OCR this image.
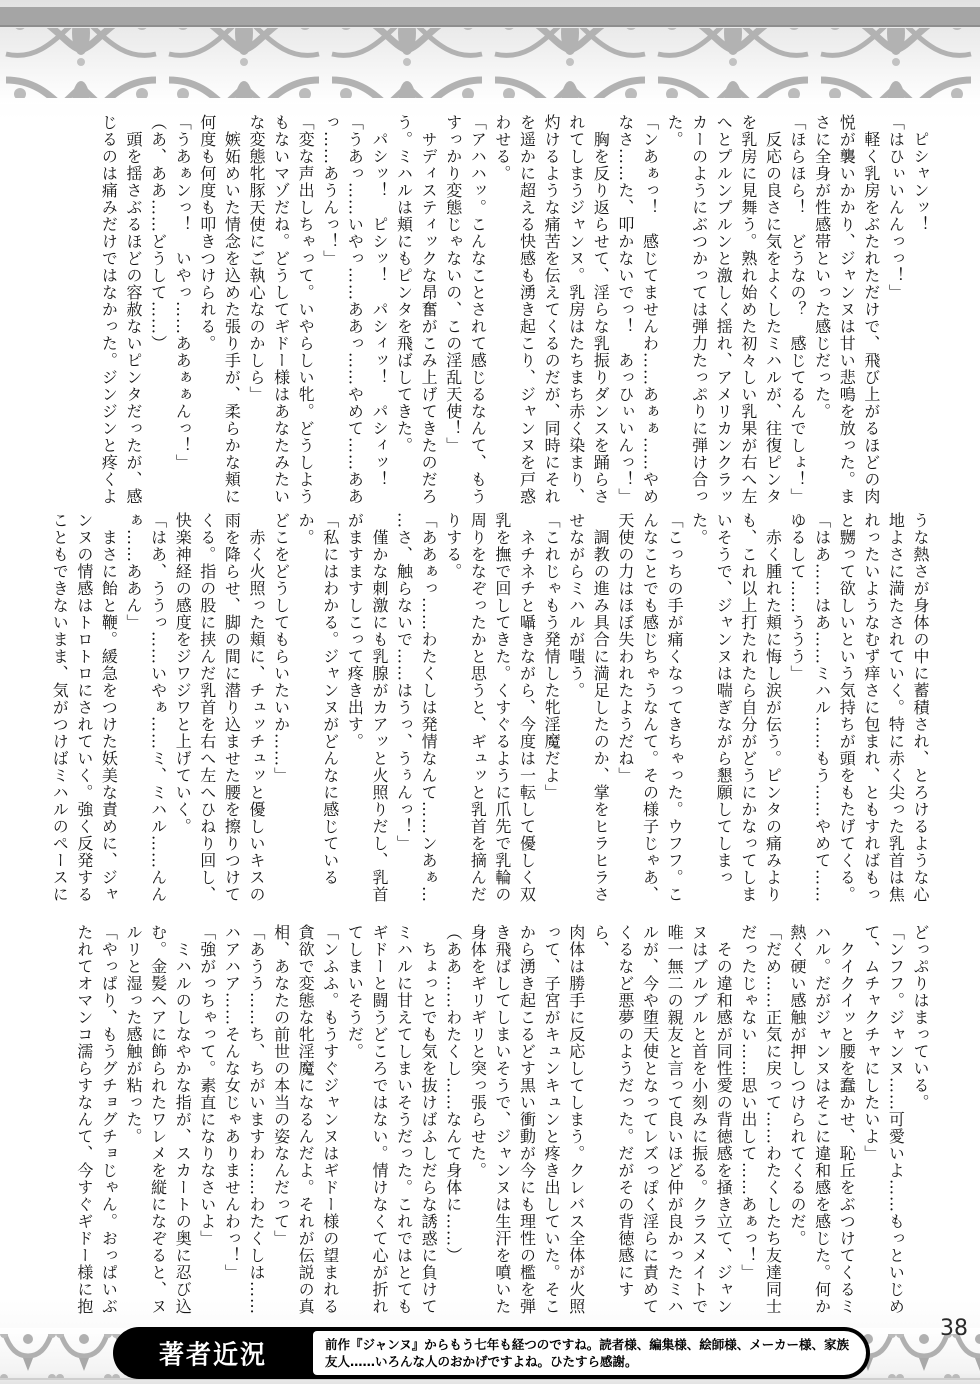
ピシャンッ！

「はひぃいんんっっ！」

軽く乳房をぶたれただけで、飛び上がるほどの肉

悦が襲いかかり、ジャンヌは甘い悲鳴を放った。ま

さに全身が性感帯といった感じだった。

「ほらほら！　どうなの？　感じてるんでしょ！」

反応の良さに気をよくしたミハルが、往復ピンタ

を乳房に見舞う。熟れ始めた初々しい乳果が右へ左

へとプルンプルンと激しく揺れ、アメリカンクラッ

カーのようにぶつかっては弾力たっぷりに弾け合っ

た。

「ンあぁっ！　感じてませんわ……あぁぁ……やめ

なさ……た、叩かないでっ！　あっひぃいんっ！」

胸を反り返らせて、淫らな乳振りダンスを踊らさ

れてしまうジャンヌ。乳房はたちまち赤く染まり、

灼けるような痛苦を伝えてくるのだが、同時にそれ

を遥かに超える快感も湧き起こり、ジャンヌを戸惑

わせる。

「アハハッ。こんなことされて感じるなんて、もう

すっかり変態じゃないの、この淫乱天使！」

サディスティックな昂奮がこみ上げてきたのだろ

う。ミハルは頬にもピンタを飛ばしてきた。

パシッ！　ピシッ！　パシィッ！　パシィッ！

「うあっ……いやっ……ああっ……やめて……ああ

っ……あうんっ！」

「変な声出しちゃって。いやらしい牝。どうしよう

もないマゾだね。どうしてギドー様はあなたみたい

な変態牝豚天使にご執心なのかしら」

嫉妬めいた情念を込めた張り手が、柔らかな頬に

何度も何度も叩きつけられる。

「うあぁンっ！　いやっ……ああぁぁんっ！」

（あ、ああ……どうして……）

頭を揺さぶるほどの容赦ないピンタだったが、感

じるのは痛みだけではなかった。ジンジンと疼くよ

うな熱さが身体の中に蓄積され、とろけるような心

地よさに満たされていく。特に赤く尖った乳首は焦

れったいようなむず痒さに包まれ、ともすればもっ

と嬲って欲しいという気持ちが頭をもたげてくる。

「はあ……はあ……ミハル……もう……やめて……

ゆるして……ううう」

赤く腫れた頬に悔し涙が伝う。ピンタの痛みより

も、これ以上打たれたら自分がどうにかなってしま

いそうで、ジャンヌは喘ぎながら懇願してしまった。

「こっちの手が痛くなってきちゃった。ウフフ。こ

んなことでも感じちゃうなんて。その様子じゃあ、

天使の力はほぼ失われたようだね」

調教の進み具合に満足したのか、掌をヒラヒラさ

せながらミハルが嗤う。

「これじゃもう発情した牝淫魔だよ」

ネチネチと囁きながら、今度は一転して優しく双

乳を撫で回してきた。くすぐるように爪先で乳輪の

周りをなぞったかと思うと、ギュッと乳首を摘んだ

りする。

「ああぁっ……わたくしは発情なんて……ンあぁ…

…さ、触らないで……はうっ、うぅんっ！」

僅かな刺激にも乳腺がカアッと火照りだし、乳首

がますますしこって疼き出す。

「私にはわかる。ジャンヌがどんなに感じているか。

どこをどうしてもらいたいか……」

赤く火照った頬に、チュッチュッと優しいキスの

雨を降らせ、脚の間に潜り込ませた腰を擦りつけて

くる。指の股に挟んだ乳首を右へ左へひねり回し、

快楽神経の感度をジワジワと上げていく。

「はあ、ううっ……いやぁ……ミ、ミハル……んん

ぁ……ああん」

まさに飴と鞭。緩急をつけた妖美な責めに、ジャ

ンヌの情感はトロトロにされていく。強く反発する

こともできないまま、気がつけばミハルのペースに

どっぷりはまっている。

「ンフフ。ジャンヌ……可愛いよ……もっといじめ

て、ムチャクチャにしたいよ」

クイクイッと腰を蠢かせ、恥丘をぶつけてくるミ

ハル。だがジャンヌはそこに違和感を感じた。何か

熱く硬い感触が押しつけられてくるのだ。

「だめ……正気に戻って……わたくしたち友達同士

だったじゃない……思い出して……あぁっ！」

その違和感が同性愛の背徳感を掻き立て、ジャン

ヌはブルブルと首を小刻みに振る。クラスメイトで

唯一無二の親友と言って良いほど仲が良かったミハ

ルが、今や堕天使となってレズっぽく淫らに責めて

くるなど悪夢のようだった。だがその背徳感にすら、

肉体は勝手に反応してしまう。クレバス全体が火照

って、子宮がキュンキュンと疼き出していた。そこ

から湧き起こるどす黒い衝動が今にも理性の檻を弾

き飛ばしてしまいそうで、ジャンヌは生汗を噴いた

身体をギリギリと突っ張らせた。

（ああ……わたくし……なんて身体に……）

ちょっとでも気を抜けばふしだらな誘惑に負けて

ミハルに甘えてしまいそうだった。これではとても

ギドーと闘うどころではない。情けなくて心が折れ

てしまいそうだ。

「ンふふ。もうすぐジャンヌはギドー様の望まれる

貪欲で変態な牝淫魔になるんだよ。それが伝説の真

相、あなたの前世の本当の姿なんだって」

「あうう……ち、ちがいますわ……わたくしは……

ハアハア……そんな女じゃありませんわっ！」

「強がっちゃって。素直になりなさいよ」

ミハルのしなやかな指が、スカートの奥に忍び込

む。金髪ヘアに飾られたワレメを縦になぞると、ヌ

ルリと湿った感触が粘った。

「やっぱり、もうグチョグチョじゃん。おっぱいぶ

たれてオマンコ濡らすなんて、今すぐギドー様に抱

38
著者近況	前作『ジャンヌ』からもう七年も経つのですね。読者様、編集様、絵師様、メーカー様、家族友人……いろんな人のおかげですよね。ひたすら感謝。
